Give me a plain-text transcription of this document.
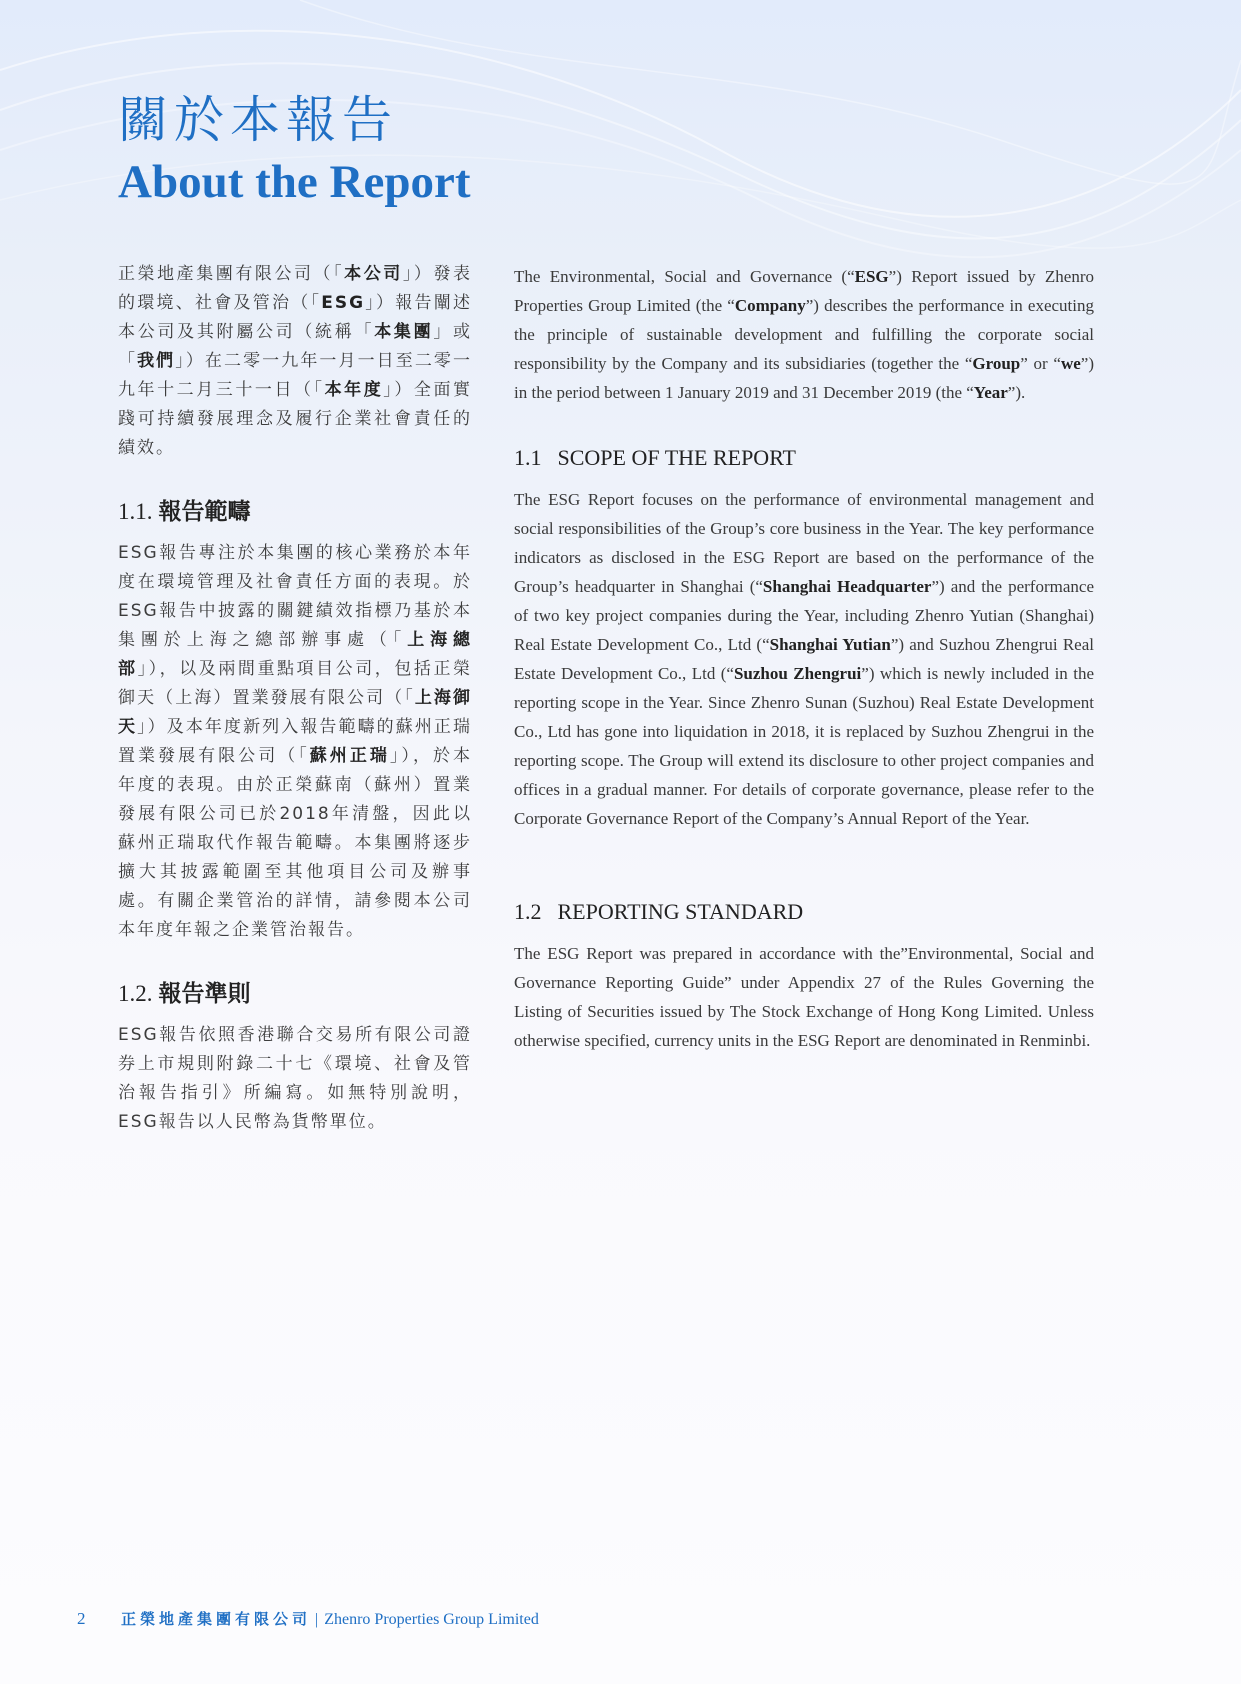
關於本報告
About the Report

正榮地產集團有限公司（「本公司」）發表的環境、社會及管治（「ESG」）報告闡述本公司及其附屬公司（統稱「本集團」或「我們」）在二零一九年一月一日至二零一九年十二月三十一日（「本年度」）全面實踐可持續發展理念及履行企業社會責任的績效。

1.1. 報告範疇

ESG報告專注於本集團的核心業務於本年度在環境管理及社會責任方面的表現。於ESG報告中披露的關鍵績效指標乃基於本集團於上海之總部辦事處（「上海總部」），以及兩間重點項目公司，包括正榮御天（上海）置業發展有限公司（「上海御天」）及本年度新列入報告範疇的蘇州正瑞置業發展有限公司（「蘇州正瑞」），於本年度的表現。由於正榮蘇南（蘇州）置業發展有限公司已於2018年清盤，因此以蘇州正瑞取代作報告範疇。本集團將逐步擴大其披露範圍至其他項目公司及辦事處。有關企業管治的詳情，請參閱本公司本年度年報之企業管治報告。

1.2. 報告準則

ESG報告依照香港聯合交易所有限公司證券上市規則附錄二十七《環境、社會及管治報告指引》所編寫。如無特別說明，ESG報告以人民幣為貨幣單位。

The Environmental, Social and Governance (“ESG”) Report issued by Zhenro Properties Group Limited (the “Company”) describes the performance in executing the principle of sustainable development and fulfilling the corporate social responsibility by the Company and its subsidiaries (together the “Group” or “we”) in the period between 1 January 2019 and 31 December 2019 (the “Year”).

1.1 SCOPE OF THE REPORT

The ESG Report focuses on the performance of environmental management and social responsibilities of the Group’s core business in the Year. The key performance indicators as disclosed in the ESG Report are based on the performance of the Group’s headquarter in Shanghai (“Shanghai Headquarter”) and the performance of two key project companies during the Year, including Zhenro Yutian (Shanghai) Real Estate Development Co., Ltd (“Shanghai Yutian”) and Suzhou Zhengrui Real Estate Development Co., Ltd (“Suzhou Zhengrui”) which is newly included in the reporting scope in the Year. Since Zhenro Sunan (Suzhou) Real Estate Development Co., Ltd has gone into liquidation in 2018, it is replaced by Suzhou Zhengrui in the reporting scope. The Group will extend its disclosure to other project companies and offices in a gradual manner. For details of corporate governance, please refer to the Corporate Governance Report of the Company’s Annual Report of the Year.

1.2 REPORTING STANDARD

The ESG Report was prepared in accordance with the”Environmental, Social and Governance Reporting Guide” under Appendix 27 of the Rules Governing the Listing of Securities issued by The Stock Exchange of Hong Kong Limited. Unless otherwise specified, currency units in the ESG Report are denominated in Renminbi.

2	正榮地產集團有限公司 | Zhenro Properties Group Limited
